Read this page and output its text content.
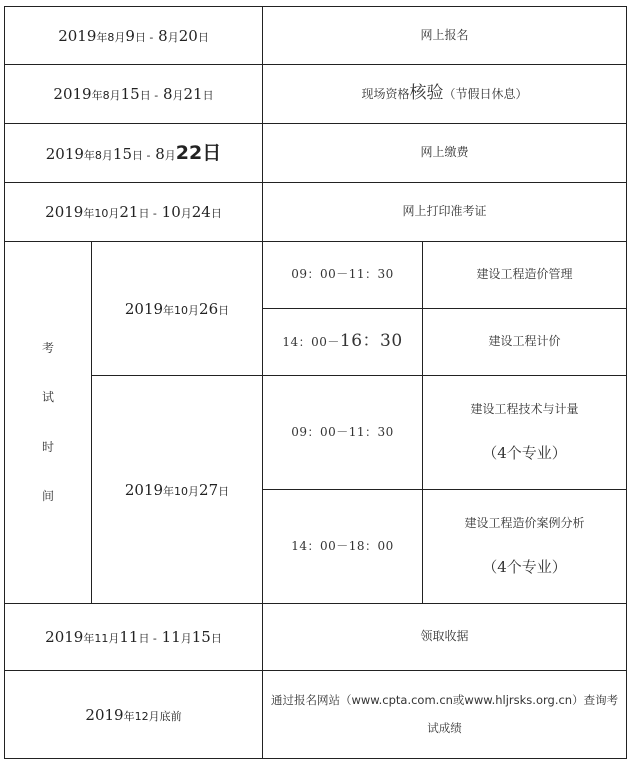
2019年8月9日 - 8月20日		网上报名	
2019年8月15日 - 8月21日		现场资格核验（节假日休息）	
2019年8月15日 - 8月22日		网上缴费	
2019年10月21日 - 10月24日		网上打印准考证	

考
试
时
间	2019年10月26日	09：00－11：30	建设工程造价管理
		14：00－16：30	建设工程计价
	2019年10月27日	09：00－11：30	建设工程技术与计量
（4个专业）

		14：00－18：00	建设工程造价案例分析
（4个专业）

2019年11月11日 - 11月15日		领取收据	
2019年12月底前		通过报名网站（www.cpta.com.cn或www.hljrsks.org.cn）查询考试成绩	
